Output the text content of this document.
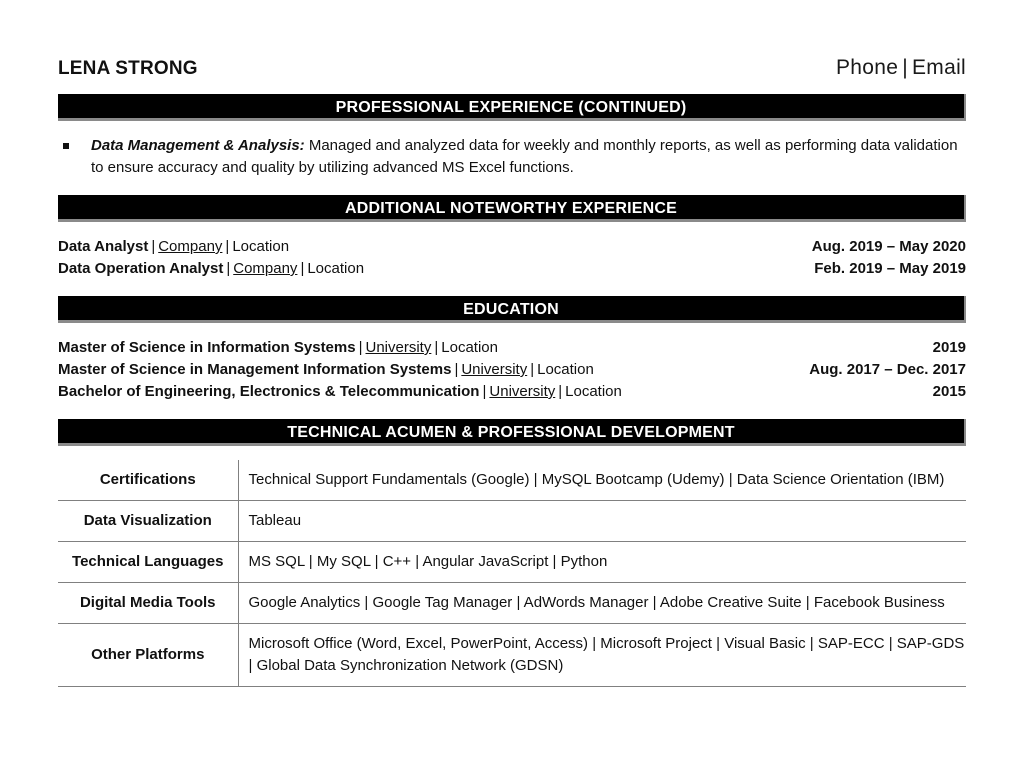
LENA STRONG	Phone | Email
PROFESSIONAL EXPERIENCE (CONTINUED)
Data Management & Analysis: Managed and analyzed data for weekly and monthly reports, as well as performing data validation to ensure accuracy and quality by utilizing advanced MS Excel functions.
ADDITIONAL NOTEWORTHY EXPERIENCE
Data Analyst | Company | Location	Aug. 2019 – May 2020
Data Operation Analyst | Company | Location	Feb. 2019 – May 2019
EDUCATION
Master of Science in Information Systems | University | Location	2019
Master of Science in Management Information Systems | University | Location	Aug. 2017 – Dec. 2017
Bachelor of Engineering, Electronics & Telecommunication | University | Location	2015
TECHNICAL ACUMEN & PROFESSIONAL DEVELOPMENT
Certifications	Technical Support Fundamentals (Google) | MySQL Bootcamp (Udemy) | Data Science Orientation (IBM)
Data Visualization	Tableau
Technical Languages	MS SQL | My SQL | C++ | Angular JavaScript | Python
Digital Media Tools	Google Analytics | Google Tag Manager | AdWords Manager | Adobe Creative Suite | Facebook Business
Other Platforms	Microsoft Office (Word, Excel, PowerPoint, Access) | Microsoft Project | Visual Basic | SAP-ECC | SAP-GDS | Global Data Synchronization Network (GDSN)
